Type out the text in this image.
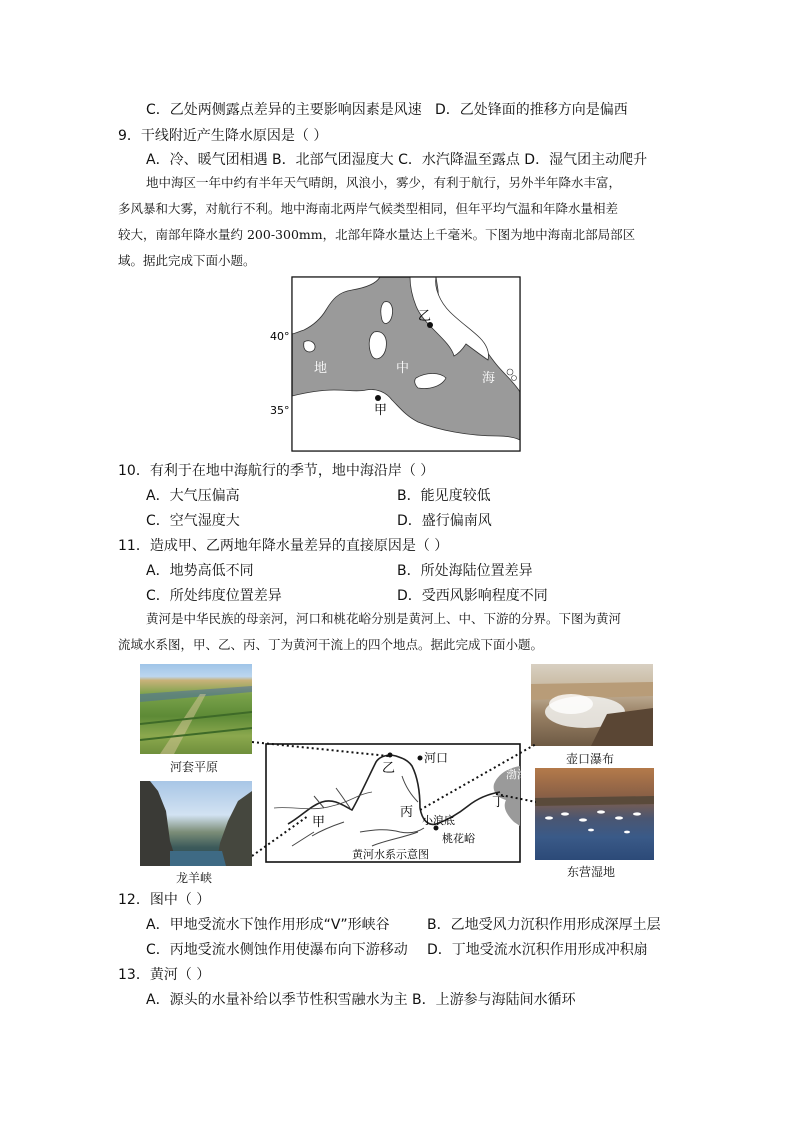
C．乙处两侧露点差异的主要影响因素是风速 D．乙处锋面的推移方向是偏西
9．干线附近产生降水原因是（ ）
A．冷、暖气团相遇 B．北部气团湿度大 C．水汽降温至露点 D．湿气团主动爬升
地中海区一年中约有半年天气晴朗，风浪小，雾少，有利于航行，另外半年降水丰富，
多风暴和大雾，对航行不利。地中海南北两岸气候类型相同，但年平均气温和年降水量相差
较大，南部年降水量约 200-300mm，北部年降水量达上千毫米。下图为地中海南北部局部区
域。据此完成下面小题。
40°
35°
乙
甲
地	中
海
10．有利于在地中海航行的季节，地中海沿岸（ ）
A．大气压偏高	B．能见度较低
C．空气湿度大	D．盛行偏南风
11．造成甲、乙两地年降水量差异的直接原因是（ ）
A．地势高低不同	B．所处海陆位置差异
C．所处纬度位置差异	D．受西风影响程度不同
黄河是中华民族的母亲河，河口和桃花峪分别是黄河上、中、下游的分界。下图为黄河
流域水系图，甲、乙、丙、丁为黄河干流上的四个地点。据此完成下面小题。
河套平原
龙羊峡
壶口瀑布
东营湿地
乙
河口
甲
丙
小浪底
桃花峪
渤海
丁
黄河水系示意图
12．图中（ ）
A．甲地受流水下蚀作用形成“V”形峡谷	B．乙地受风力沉积作用形成深厚土层
C．丙地受流水侧蚀作用使瀑布向下游移动 D．丁地受流水沉积作用形成冲积扇
13．黄河（ ）
A．源头的水量补给以季节性积雪融水为主 B．上游参与海陆间水循环
